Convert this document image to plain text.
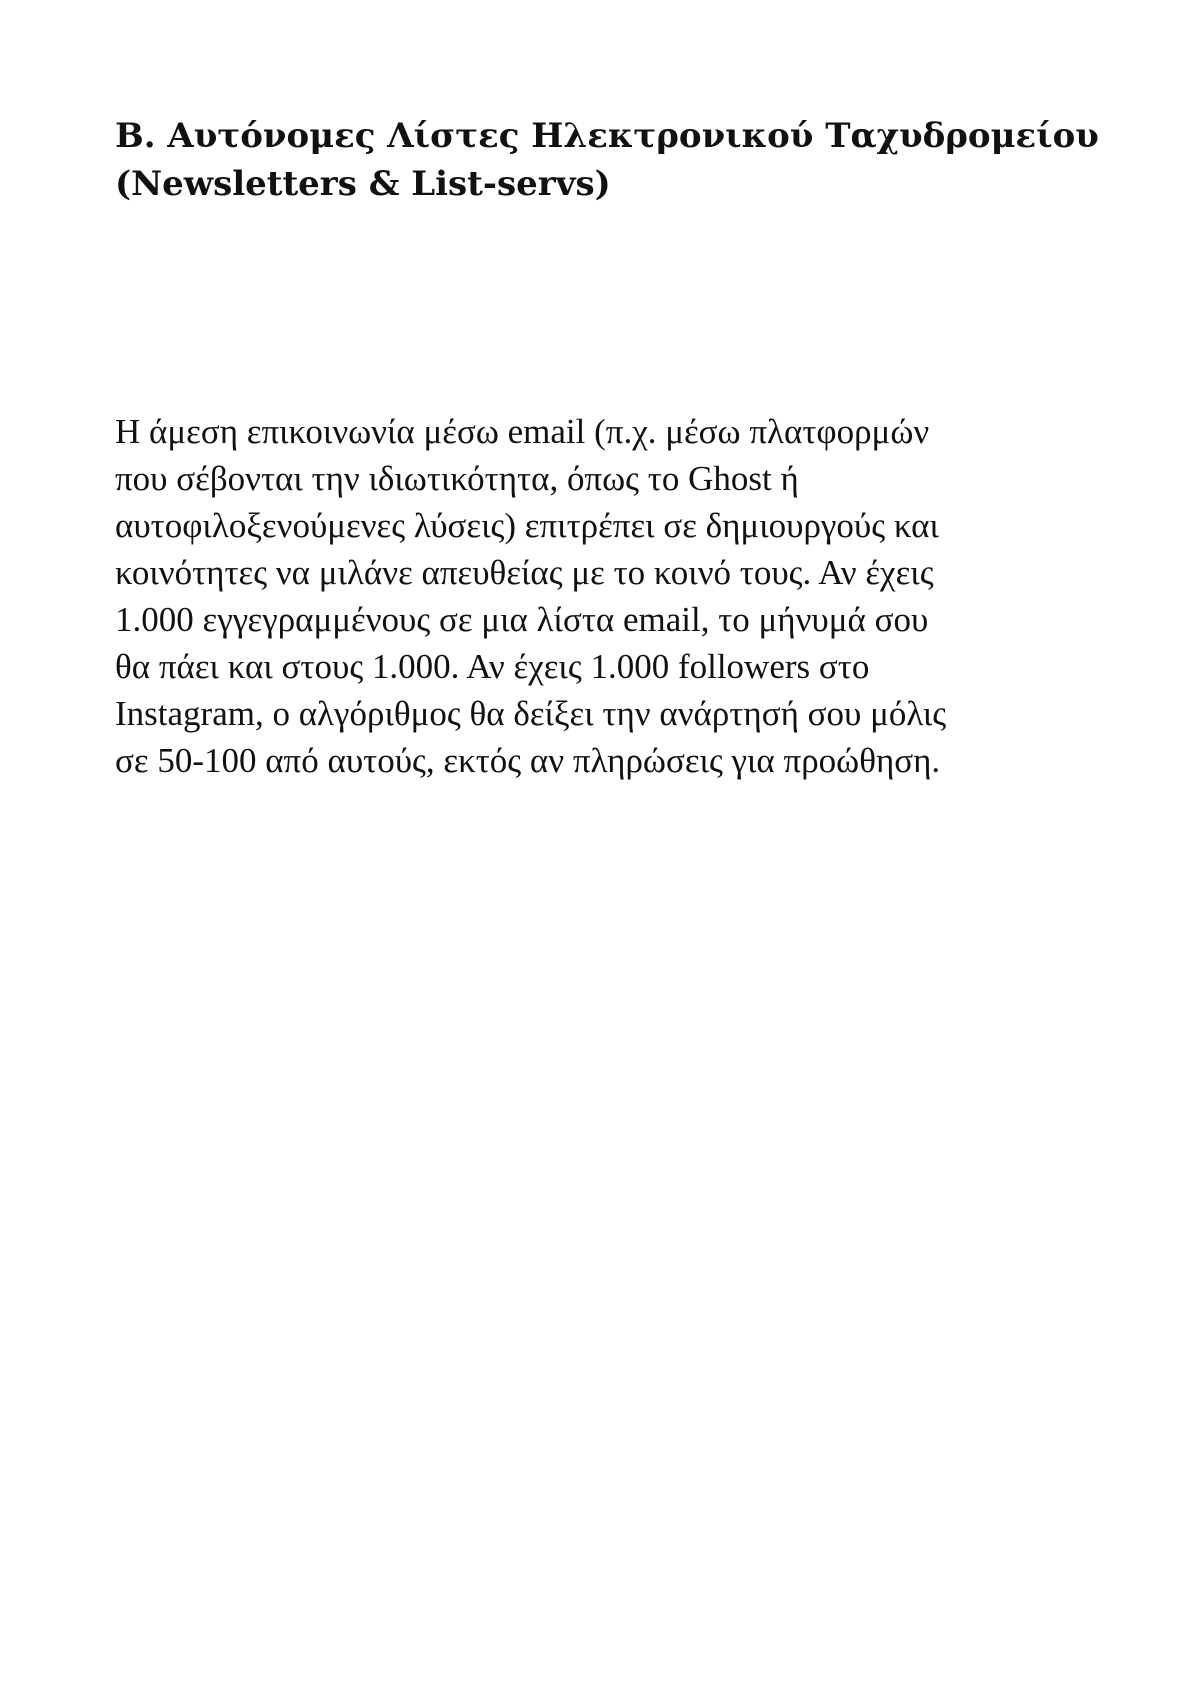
B. Αυτόνομες Λίστες Ηλεκτρονικού Ταχυδρομείου
(Newsletters & List-servs)

Η άμεση επικοινωνία μέσω email (π.χ. μέσω πλατφορμών
που σέβονται την ιδιωτικότητα, όπως το Ghost ή
αυτοφιλοξενούμενες λύσεις) επιτρέπει σε δημιουργούς και
κοινότητες να μιλάνε απευθείας με το κοινό τους. Αν έχεις
1.000 εγγεγραμμένους σε μια λίστα email, το μήνυμά σου
θα πάει και στους 1.000. Αν έχεις 1.000 followers στο
Instagram, ο αλγόριθμος θα δείξει την ανάρτησή σου μόλις
σε 50-100 από αυτούς, εκτός αν πληρώσεις για προώθηση.
